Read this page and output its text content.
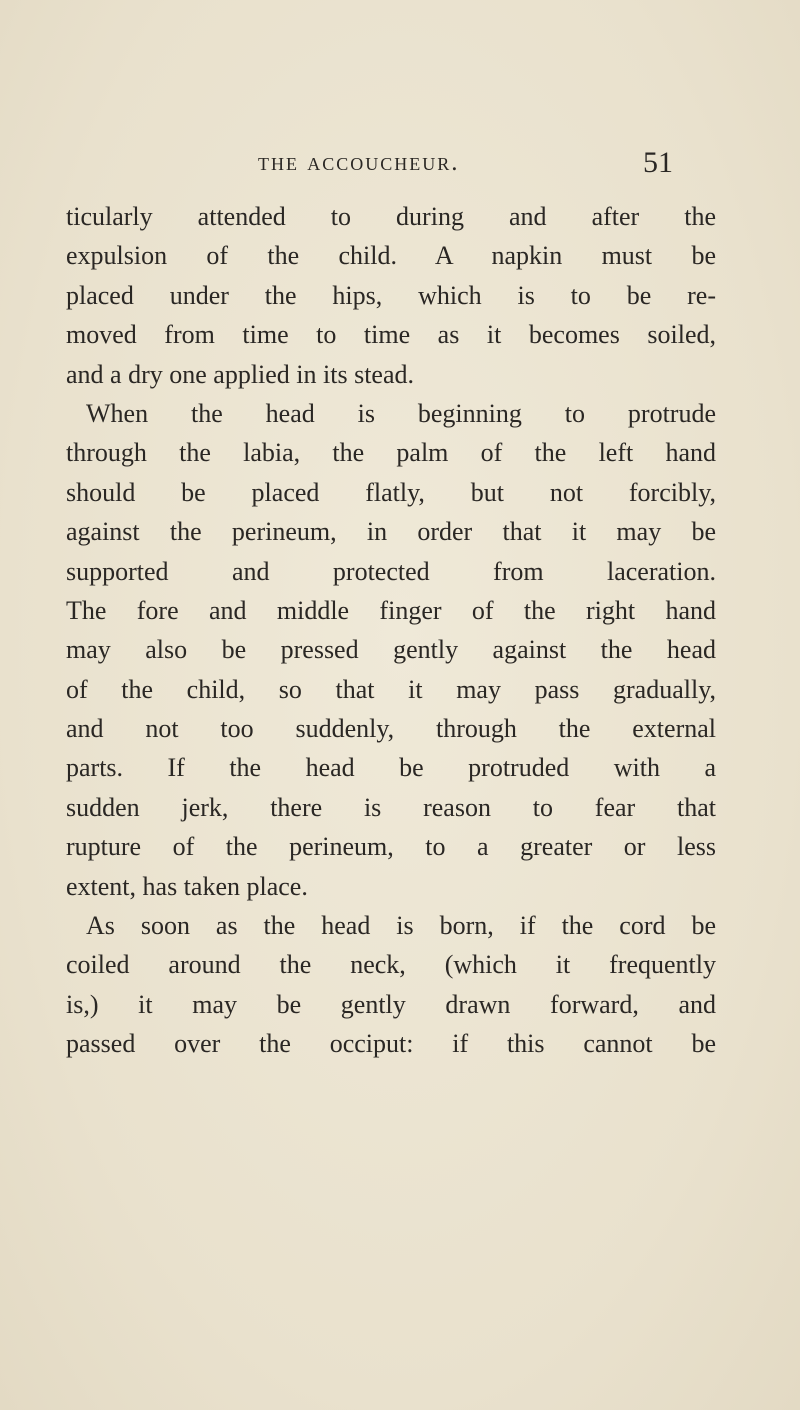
the accoucheur.	51
ticularly attended to during and after the
expulsion of the child. A napkin must be
placed under the hips, which is to be re-
moved from time to time as it becomes soiled,
and a dry one applied in its stead.
When the head is beginning to protrude
through the labia, the palm of the left hand
should be placed flatly, but not forcibly,
against the perineum, in order that it may be
supported and protected from laceration.
The fore and middle finger of the right hand
may also be pressed gently against the head
of the child, so that it may pass gradually,
and not too suddenly, through the external
parts. If the head be protruded with a
sudden jerk, there is reason to fear that
rupture of the perineum, to a greater or less
extent, has taken place.
As soon as the head is born, if the cord be
coiled around the neck, (which it frequently
is,) it may be gently drawn forward, and
passed over the occiput: if this cannot be
